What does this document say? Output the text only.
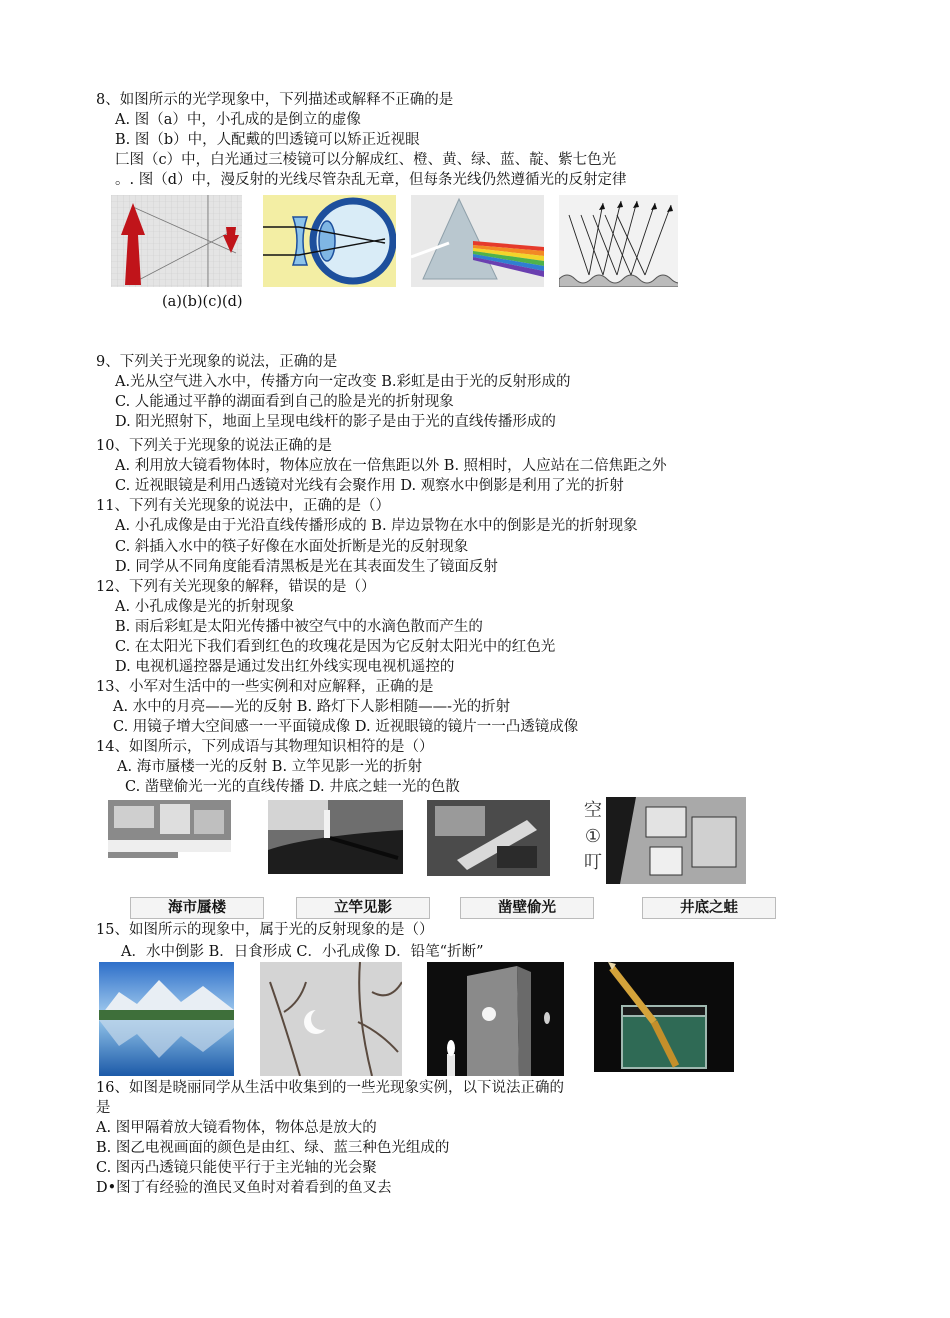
8、如图所示的光学现象中，下列描述或解释不正确的是
A. 图（a）中，小孔成的是倒立的虚像
B. 图（b）中，人配戴的凹透镜可以矫正近视眼
匚图（c）中，白光通过三棱镜可以分解成红、橙、黄、绿、蓝、靛、紫七色光
。. 图（d）中，漫反射的光线尽管杂乱无章，但每条光线仍然遵循光的反射定律
(a)(b)(c)(d)
9、下列关于光现象的说法，正确的是
A.光从空气进入水中，传播方向一定改变 B.彩虹是由于光的反射形成的
C. 人能通过平静的湖面看到自己的脸是光的折射现象
D. 阳光照射下，地面上呈现电线杆的影子是由于光的直线传播形成的
10、下列关于光现象的说法正确的是
A. 利用放大镜看物体时，物体应放在一倍焦距以外 B. 照相时，人应站在二倍焦距之外
C. 近视眼镜是利用凸透镜对光线有会聚作用 D. 观察水中倒影是利用了光的折射
11、下列有关光现象的说法中，正确的是（）
A. 小孔成像是由于光沿直线传播形成的 B. 岸边景物在水中的倒影是光的折射现象
C. 斜插入水中的筷子好像在水面处折断是光的反射现象
D. 同学从不同角度能看清黑板是光在其表面发生了镜面反射
12、下列有关光现象的解释，错误的是（）
A. 小孔成像是光的折射现象
B. 雨后彩虹是太阳光传播中被空气中的水滴色散而产生的
C. 在太阳光下我们看到红色的玫瑰花是因为它反射太阳光中的红色光
D. 电视机遥控器是通过发出红外线实现电视机遥控的
13、小军对生活中的一些实例和对应解释，正确的是
A. 水中的月亮——光的反射 B. 路灯下人影相随——-光的折射
C. 用镜子增大空间感一一平面镜成像 D. 近视眼镜的镜片一一凸透镜成像
14、如图所示，下列成语与其物理知识相符的是（）
A. 海市蜃楼一光的反射 B. 立竿见影一光的折射
C. 凿壁偷光一光的直线传播 D. 井底之蛙一光的色散
空
①
叮
海市蜃楼	立竿见影	凿壁偷光	井底之蛙
15、如图所示的现象中，属于光的反射现象的是（）
A．水中倒影 B．日食形成 C．小孔成像 D．铅笔“折断”
16、如图是晓丽同学从生活中收集到的一些光现象实例，以下说法正确的
是
A. 图甲隔着放大镜看物体，物体总是放大的
B. 图乙电视画面的颜色是由红、绿、蓝三种色光组成的
C. 图丙凸透镜只能使平行于主光轴的光会聚
D•图丁有经验的渔民叉鱼时对着看到的鱼叉去
